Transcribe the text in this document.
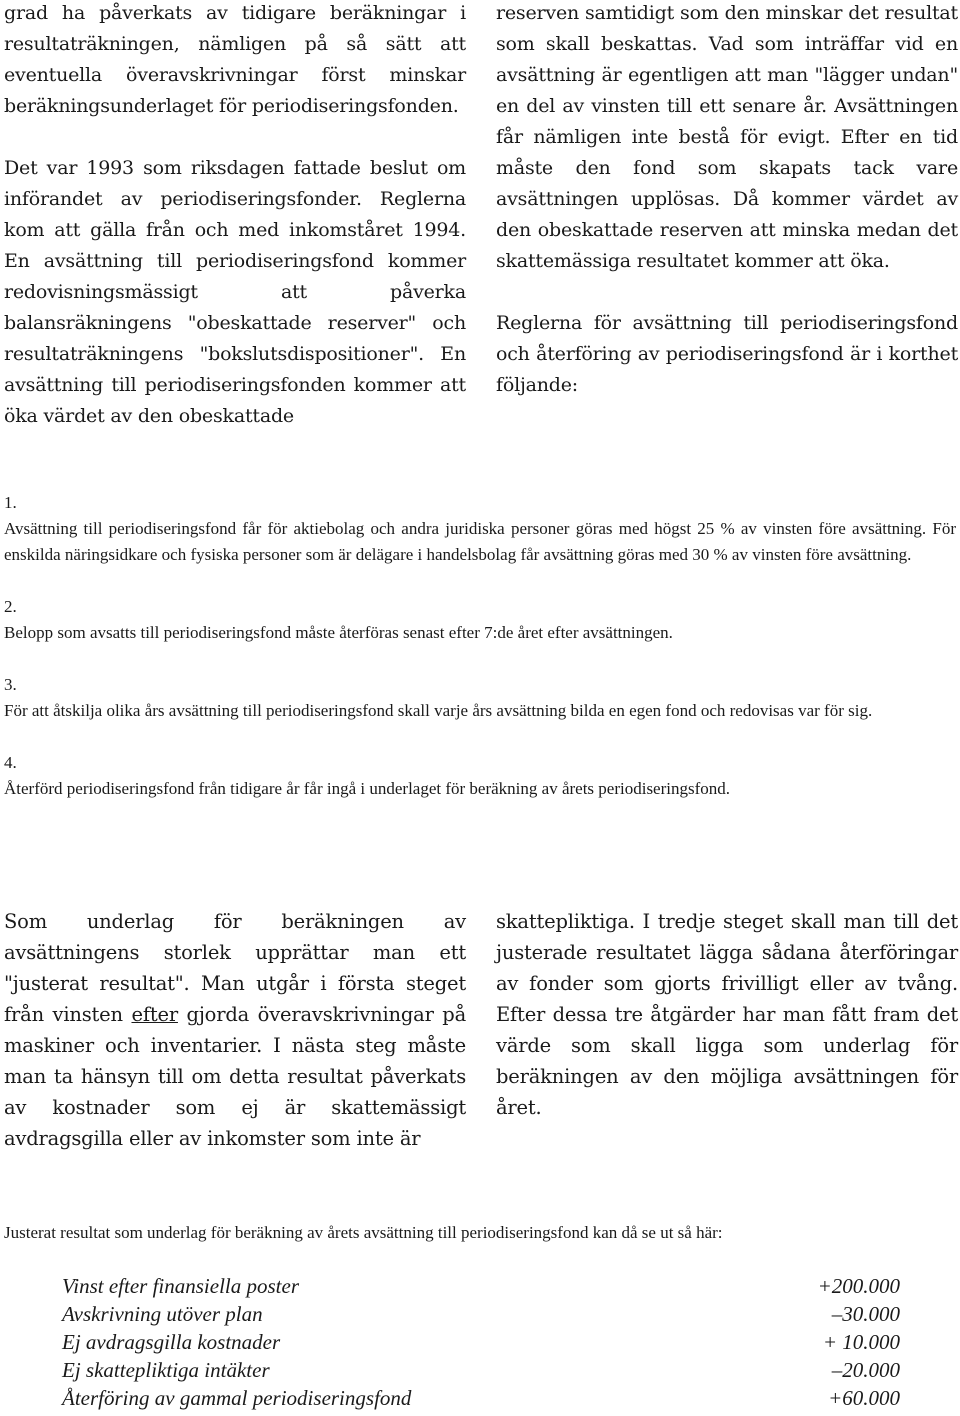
grad ha påverkats av tidigare beräkningar i resultaträkningen, nämligen på så sätt att eventuella överavskrivningar först minskar beräkningsunderlaget för periodiseringsfonden.

Det var 1993 som riksdagen fattade beslut om införandet av periodiseringsfonder. Reglerna kom att gälla från och med inkomståret 1994. En avsättning till periodiseringsfond kommer redovisningsmässigt att påverka balansräkningens "obeskattade reserver" och resultaträkningens "bokslutsdispositioner". En avsättning till periodiseringsfonden kommer att öka värdet av den obeskattade

reserven samtidigt som den minskar det resultat som skall beskattas. Vad som inträffar vid en avsättning är egentligen att man "lägger undan" en del av vinsten till ett senare år. Avsättningen får nämligen inte bestå för evigt. Efter en tid måste den fond som skapats tack vare avsättningen upplösas. Då kommer värdet av den obeskattade reserven att minska medan det skattemässiga resultatet kommer att öka.

Reglerna för avsättning till periodiseringsfond och återföring av periodiseringsfond är i korthet följande:

1.
Avsättning till periodiseringsfond får för aktiebolag och andra juridiska personer göras med högst 25 % av vinsten före avsättning. För enskilda näringsidkare och fysiska personer som är delägare i handelsbolag får avsättning göras med 30 % av vinsten före avsättning.
2.
Belopp som avsatts till periodiseringsfond måste återföras senast efter 7:de året efter avsättningen.
3.
För att åtskilja olika års avsättning till periodiseringsfond skall varje års avsättning bilda en egen fond och redovisas var för sig.
4.
Återförd periodiseringsfond från tidigare år får ingå i underlaget för beräkning av årets periodiseringsfond.

Som underlag för beräkningen av avsättningens storlek upprättar man ett "justerat resultat". Man utgår i första steget från vinsten efter gjorda överavskrivningar på maskiner och inventarier. I nästa steg måste man ta hänsyn till om detta resultat påverkats av kostnader som ej är skattemässigt avdragsgilla eller av inkomster som inte är

skattepliktiga. I tredje steget skall man till det justerade resultatet lägga sådana återföringar av fonder som gjorts frivilligt eller av tvång. Efter dessa tre åtgärder har man fått fram det värde som skall ligga som underlag för beräkningen av den möjliga avsättningen för året.

Justerat resultat som underlag för beräkning av årets avsättning till periodiseringsfond kan då se ut så här:
Vinst efter finansiella poster	+200.000
Avskrivning utöver plan	–30.000
Ej avdragsgilla kostnader	+ 10.000
Ej skattepliktiga intäkter	–20.000
Återföring av gammal periodiseringsfond	+60.000
